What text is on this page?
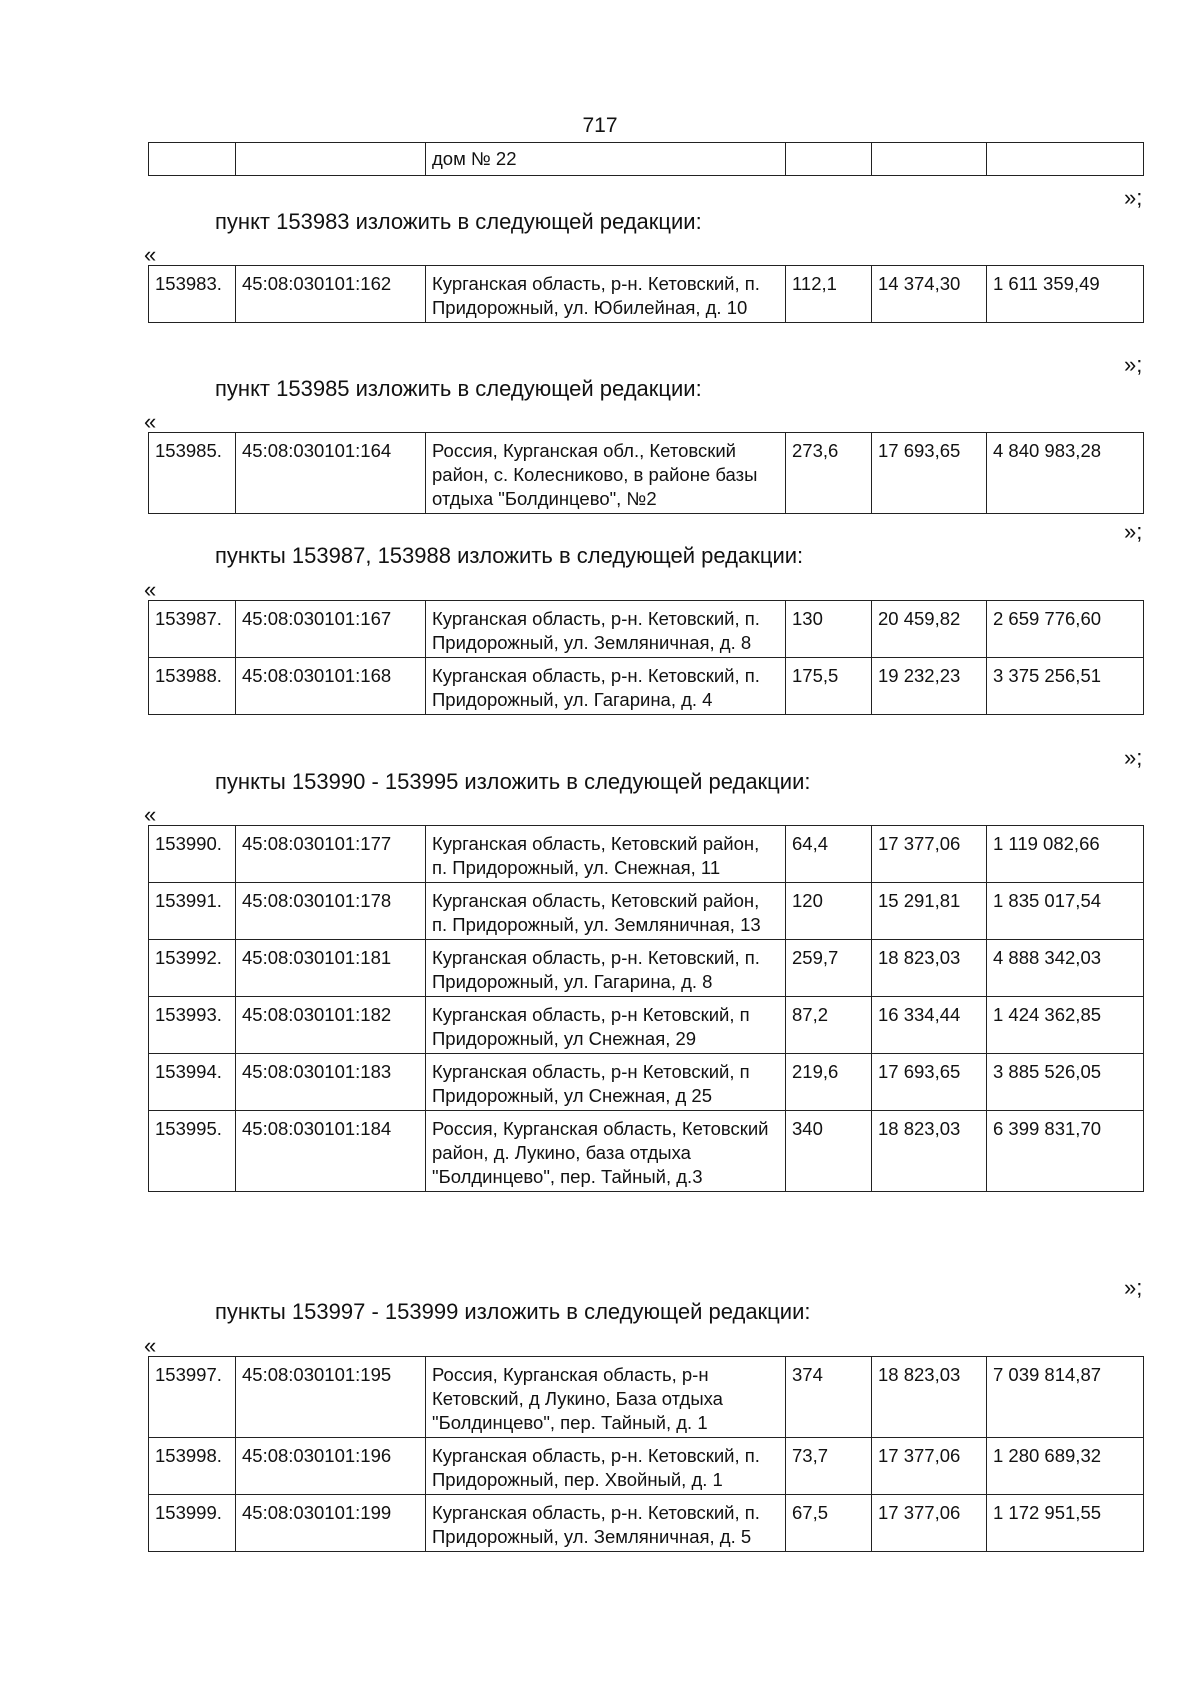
717

		дом № 22			

»;

пункт 153983 изложить в следующей редакции:

«

153983.	45:08:030101:162	Курганская область, р-н. Кетовский, п. Придорожный, ул. Юбилейная, д. 10	112,1	14 374,30	1 611 359,49

»;

пункт 153985 изложить в следующей редакции:

«

153985.	45:08:030101:164	Россия, Курганская обл., Кетовский район, с. Колесниково, в районе базы отдыха "Болдинцево", №2	273,6	17 693,65	4 840 983,28

»;

пункты 153987, 153988 изложить в следующей редакции:

«

153987.	45:08:030101:167	Курганская область, р-н. Кетовский, п. Придорожный, ул. Земляничная, д. 8	130	20 459,82	2 659 776,60
153988.	45:08:030101:168	Курганская область, р-н. Кетовский, п. Придорожный, ул. Гагарина, д. 4	175,5	19 232,23	3 375 256,51

»;

пункты 153990 - 153995 изложить в следующей редакции:

«

153990.	45:08:030101:177	Курганская область, Кетовский район, п. Придорожный, ул. Снежная, 11	64,4	17 377,06	1 119 082,66
153991.	45:08:030101:178	Курганская область, Кетовский район, п. Придорожный, ул. Земляничная, 13	120	15 291,81	1 835 017,54
153992.	45:08:030101:181	Курганская область, р-н. Кетовский, п. Придорожный, ул. Гагарина, д. 8	259,7	18 823,03	4 888 342,03
153993.	45:08:030101:182	Курганская область, р-н Кетовский, п Придорожный, ул Снежная, 29	87,2	16 334,44	1 424 362,85
153994.	45:08:030101:183	Курганская область, р-н Кетовский, п Придорожный, ул Снежная, д 25	219,6	17 693,65	3 885 526,05
153995.	45:08:030101:184	Россия, Курганская область, Кетовский район, д. Лукино, база отдыха "Болдинцево", пер. Тайный, д.3	340	18 823,03	6 399 831,70

»;

пункты 153997 - 153999 изложить в следующей редакции:

«

153997.	45:08:030101:195	Россия, Курганская область, р-н Кетовский, д Лукино, База отдыха "Болдинцево", пер. Тайный, д. 1	374	18 823,03	7 039 814,87
153998.	45:08:030101:196	Курганская область, р-н. Кетовский, п. Придорожный, пер. Хвойный, д. 1	73,7	17 377,06	1 280 689,32
153999.	45:08:030101:199	Курганская область, р-н. Кетовский, п. Придорожный, ул. Земляничная, д. 5	67,5	17 377,06	1 172 951,55
